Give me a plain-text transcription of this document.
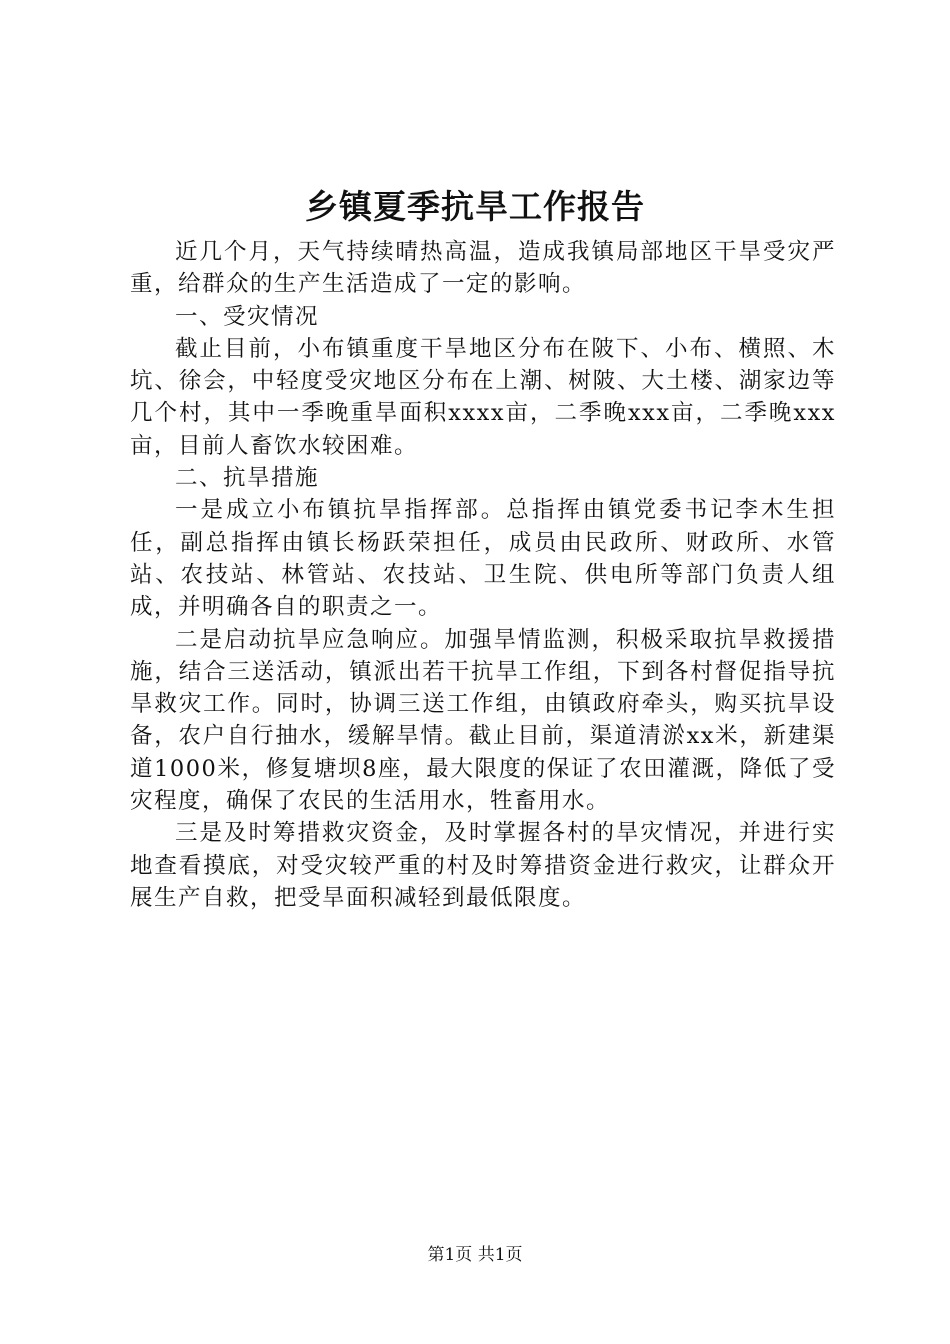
乡镇夏季抗旱工作报告

近几个月，天气持续晴热高温，造成我镇局部地区干旱受灾严重，给群众的生产生活造成了一定的影响。

一、受灾情况

截止目前，小布镇重度干旱地区分布在陂下、小布、横照、木坑、徐会，中轻度受灾地区分布在上潮、树陂、大土楼、湖家边等几个村，其中一季晚重旱面积xxxx亩，二季晚xxx亩，二季晚xxx亩，目前人畜饮水较困难。

二、抗旱措施

一是成立小布镇抗旱指挥部。总指挥由镇党委书记李木生担任，副总指挥由镇长杨跃荣担任，成员由民政所、财政所、水管站、农技站、林管站、农技站、卫生院、供电所等部门负责人组成，并明确各自的职责之一。

二是启动抗旱应急响应。加强旱情监测，积极采取抗旱救援措施，结合三送活动，镇派出若干抗旱工作组，下到各村督促指导抗旱救灾工作。同时，协调三送工作组，由镇政府牵头，购买抗旱设备，农户自行抽水，缓解旱情。截止目前，渠道清淤xx米，新建渠道1000米，修复塘坝8座，最大限度的保证了农田灌溉，降低了受灾程度，确保了农民的生活用水，牲畜用水。

三是及时筹措救灾资金，及时掌握各村的旱灾情况，并进行实地查看摸底，对受灾较严重的村及时筹措资金进行救灾，让群众开展生产自救，把受旱面积减轻到最低限度。

第1页 共1页
